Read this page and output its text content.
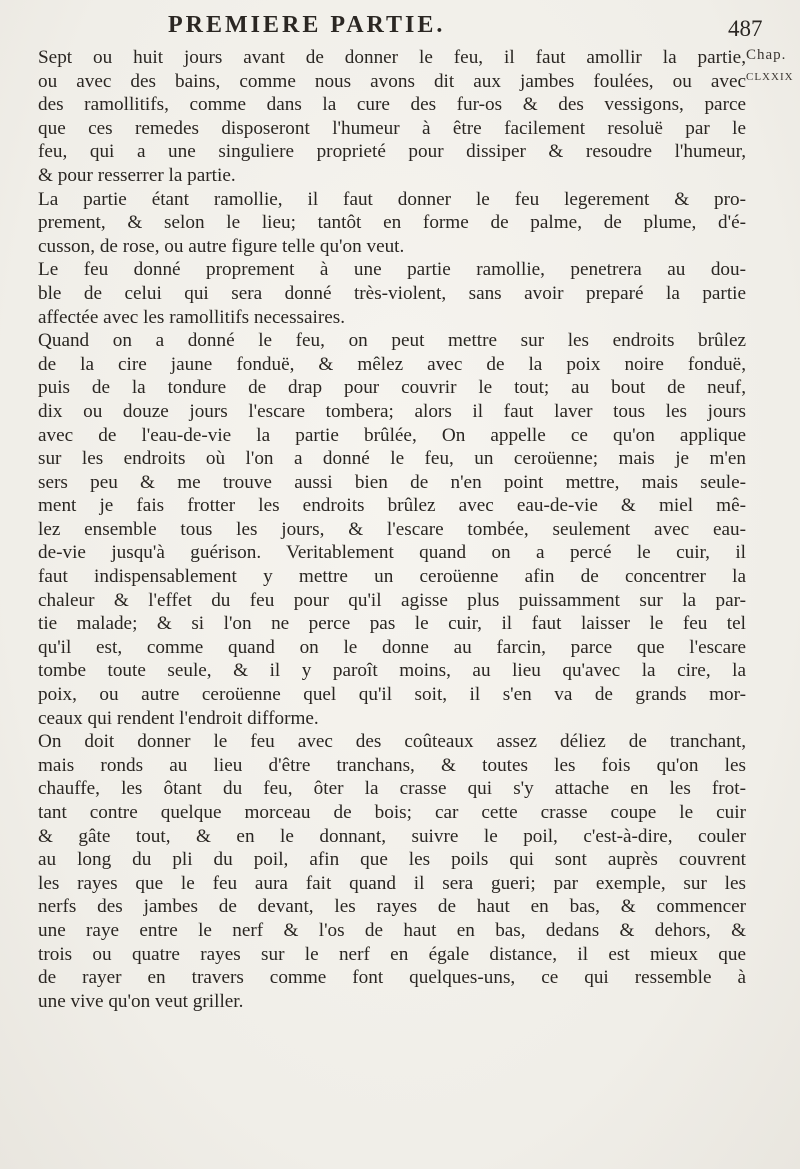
PREMIERE PARTIE.	487
Chap.
CLXXIX
Sept ou huit jours avant de donner le feu, il faut amollir la partie,
ou avec des bains, comme nous avons dit aux jambes foulées, ou avec
des ramollitifs, comme dans la cure des fur-os & des vessigons, parce
que ces remedes disposeront l'humeur à être facilement resoluë par le
feu, qui a une singuliere proprieté pour dissiper & resoudre l'humeur,
& pour resserrer la partie.
La partie étant ramollie, il faut donner le feu legerement & pro-
prement, & selon le lieu; tantôt en forme de palme, de plume, d'é-
cusson, de rose, ou autre figure telle qu'on veut.
Le feu donné proprement à une partie ramollie, penetrera au dou-
ble de celui qui sera donné très-violent, sans avoir preparé la partie
affectée avec les ramollitifs necessaires.
Quand on a donné le feu, on peut mettre sur les endroits brûlez
de la cire jaune fonduë, & mêlez avec de la poix noire fonduë,
puis de la tondure de drap pour couvrir le tout; au bout de neuf,
dix ou douze jours l'escare tombera; alors il faut laver tous les jours
avec de l'eau-de-vie la partie brûlée, On appelle ce qu'on applique
sur les endroits où l'on a donné le feu, un ceroüenne; mais je m'en
sers peu & me trouve aussi bien de n'en point mettre, mais seule-
ment je fais frotter les endroits brûlez avec eau-de-vie & miel mê-
lez ensemble tous les jours, & l'escare tombée, seulement avec eau-
de-vie jusqu'à guérison. Veritablement quand on a percé le cuir, il
faut indispensablement y mettre un ceroüenne afin de concentrer la
chaleur & l'effet du feu pour qu'il agisse plus puissamment sur la par-
tie malade; & si l'on ne perce pas le cuir, il faut laisser le feu tel
qu'il est, comme quand on le donne au farcin, parce que l'escare
tombe toute seule, & il y paroît moins, au lieu qu'avec la cire, la
poix, ou autre ceroüenne quel qu'il soit, il s'en va de grands mor-
ceaux qui rendent l'endroit difforme.
On doit donner le feu avec des coûteaux assez déliez de tranchant,
mais ronds au lieu d'être tranchans, & toutes les fois qu'on les
chauffe, les ôtant du feu, ôter la crasse qui s'y attache en les frot-
tant contre quelque morceau de bois; car cette crasse coupe le cuir
& gâte tout, & en le donnant, suivre le poil, c'est-à-dire, couler
au long du pli du poil, afin que les poils qui sont auprès couvrent
les rayes que le feu aura fait quand il sera gueri; par exemple, sur les
nerfs des jambes de devant, les rayes de haut en bas, & commencer
une raye entre le nerf & l'os de haut en bas, dedans & dehors, &
trois ou quatre rayes sur le nerf en égale distance, il est mieux que
de rayer en travers comme font quelques-uns, ce qui ressemble à
une vive qu'on veut griller.
